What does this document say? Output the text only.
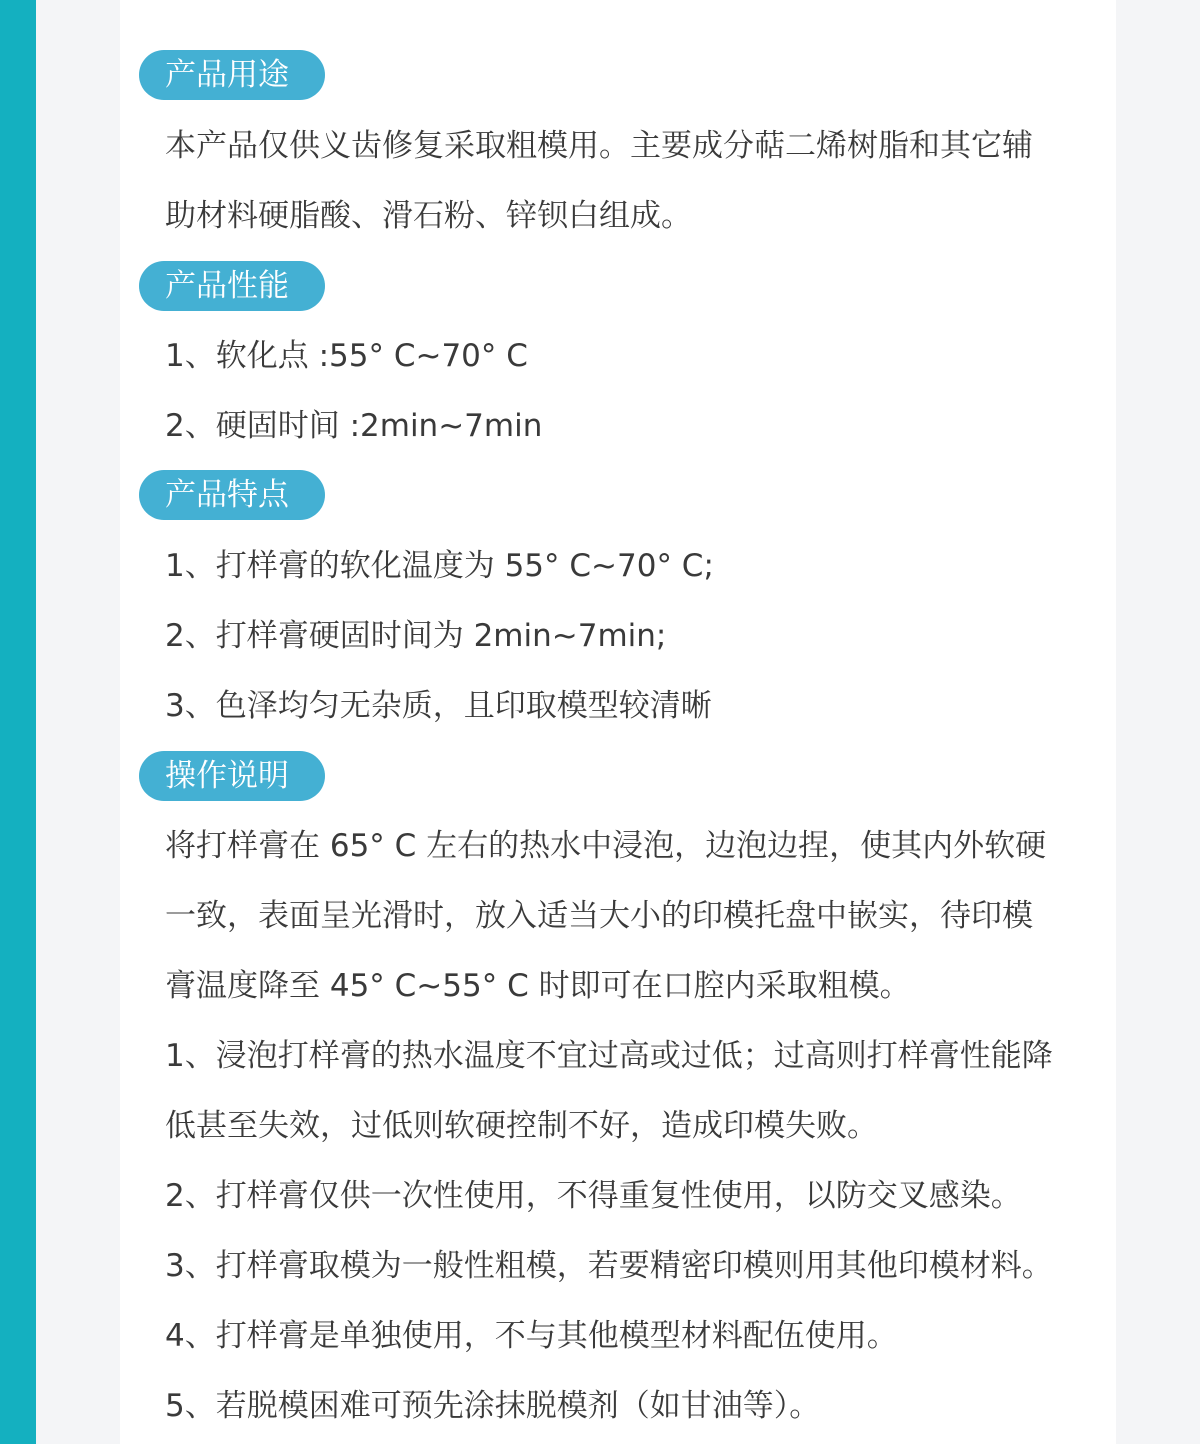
产品用途
本产品仅供义齿修复采取粗模用。主要成分萜二烯树脂和其它辅
助材料硬脂酸、滑石粉、锌钡白组成。
产品性能
1、软化点 :55° C~70° C
2、硬固时间 :2min~7min
产品特点
1、打样膏的软化温度为 55° C~70° C;
2、打样膏硬固时间为 2min~7min;
3、色泽均匀无杂质，且印取模型较清晰
操作说明
将打样膏在 65° C 左右的热水中浸泡，边泡边捏，使其内外软硬
一致，表面呈光滑时，放入适当大小的印模托盘中嵌实，待印模
膏温度降至 45° C~55° C 时即可在口腔内采取粗模。
1、浸泡打样膏的热水温度不宜过高或过低；过高则打样膏性能降
低甚至失效，过低则软硬控制不好，造成印模失败。
2、打样膏仅供一次性使用，不得重复性使用，以防交叉感染。
3、打样膏取模为一般性粗模，若要精密印模则用其他印模材料。
4、打样膏是单独使用，不与其他模型材料配伍使用。
5、若脱模困难可预先涂抹脱模剂（如甘油等）。
